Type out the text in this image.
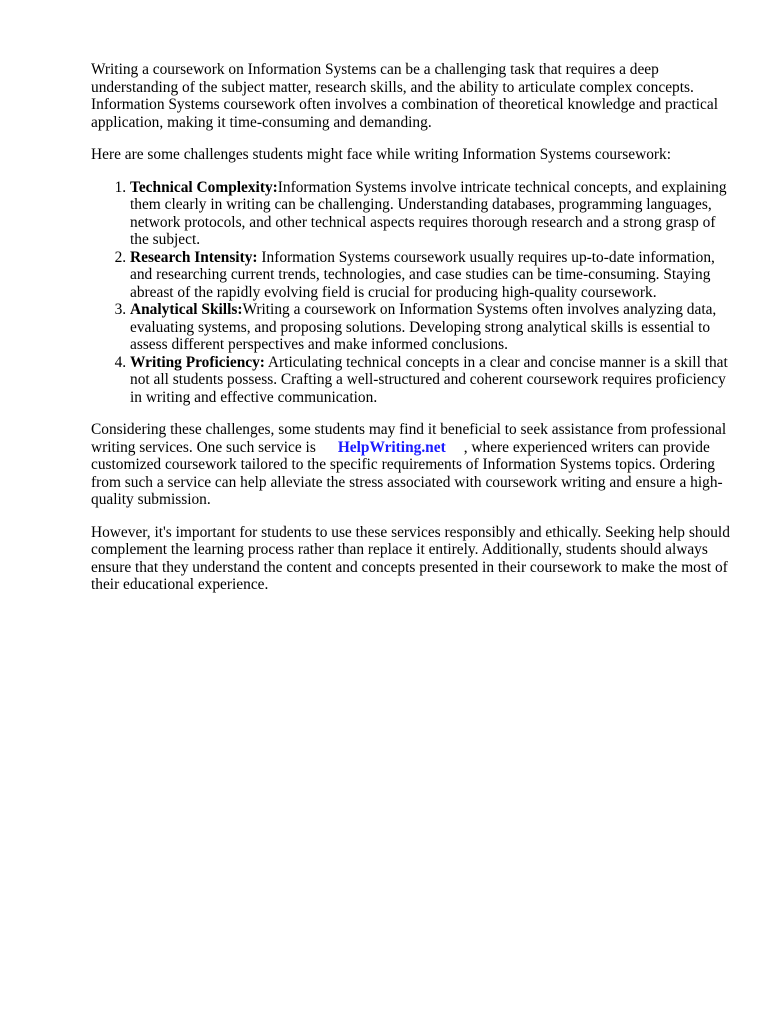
Writing a coursework on Information Systems can be a challenging task that requires a deep understanding of the subject matter, research skills, and the ability to articulate complex concepts. Information Systems coursework often involves a combination of theoretical knowledge and practical application, making it time-consuming and demanding.

Here are some challenges students might face while writing Information Systems coursework:

1. Technical Complexity:Information Systems involve intricate technical concepts, and explaining them clearly in writing can be challenging. Understanding databases, programming languages, network protocols, and other technical aspects requires thorough research and a strong grasp of the subject.
2. Research Intensity: Information Systems coursework usually requires up-to-date information, and researching current trends, technologies, and case studies can be time-consuming. Staying abreast of the rapidly evolving field is crucial for producing high-quality coursework.
3. Analytical Skills:Writing a coursework on Information Systems often involves analyzing data, evaluating systems, and proposing solutions. Developing strong analytical skills is essential to assess different perspectives and make informed conclusions.
4. Writing Proficiency: Articulating technical concepts in a clear and concise manner is a skill that not all students possess. Crafting a well-structured and coherent coursework requires proficiency in writing and effective communication.

Considering these challenges, some students may find it beneficial to seek assistance from professional writing services. One such service is HelpWriting.net , where experienced writers can provide customized coursework tailored to the specific requirements of Information Systems topics. Ordering from such a service can help alleviate the stress associated with coursework writing and ensure a high-quality submission.

However, it's important for students to use these services responsibly and ethically. Seeking help should complement the learning process rather than replace it entirely. Additionally, students should always ensure that they understand the content and concepts presented in their coursework to make the most of their educational experience.
